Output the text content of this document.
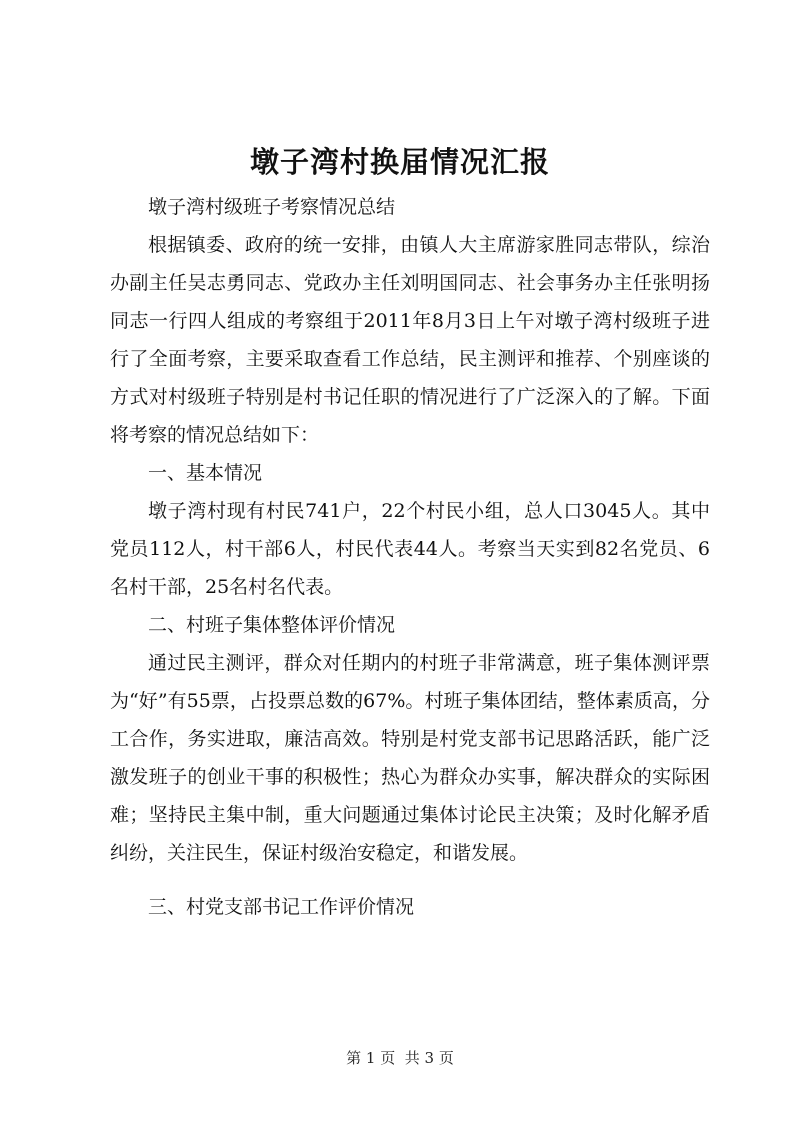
墩子湾村换届情况汇报

墩子湾村级班子考察情况总结

根据镇委、政府的统一安排，由镇人大主席游家胜同志带队，综治办副主任吴志勇同志、党政办主任刘明国同志、社会事务办主任张明扬同志一行四人组成的考察组于2011年8月3日上午对墩子湾村级班子进行了全面考察，主要采取查看工作总结，民主测评和推荐、个别座谈的方式对村级班子特别是村书记任职的情况进行了广泛深入的了解。下面将考察的情况总结如下：

一、基本情况

墩子湾村现有村民741户，22个村民小组，总人口3045人。其中党员112人，村干部6人，村民代表44人。考察当天实到82名党员、6名村干部，25名村名代表。

二、村班子集体整体评价情况

通过民主测评，群众对任期内的村班子非常满意，班子集体测评票为“好”有55票，占投票总数的67%。村班子集体团结，整体素质高，分工合作，务实进取，廉洁高效。特别是村党支部书记思路活跃，能广泛激发班子的创业干事的积极性；热心为群众办实事，解决群众的实际困难；坚持民主集中制，重大问题通过集体讨论民主决策；及时化解矛盾纠纷，关注民生，保证村级治安稳定，和谐发展。

三、村党支部书记工作评价情况

第 1 页  共 3 页
